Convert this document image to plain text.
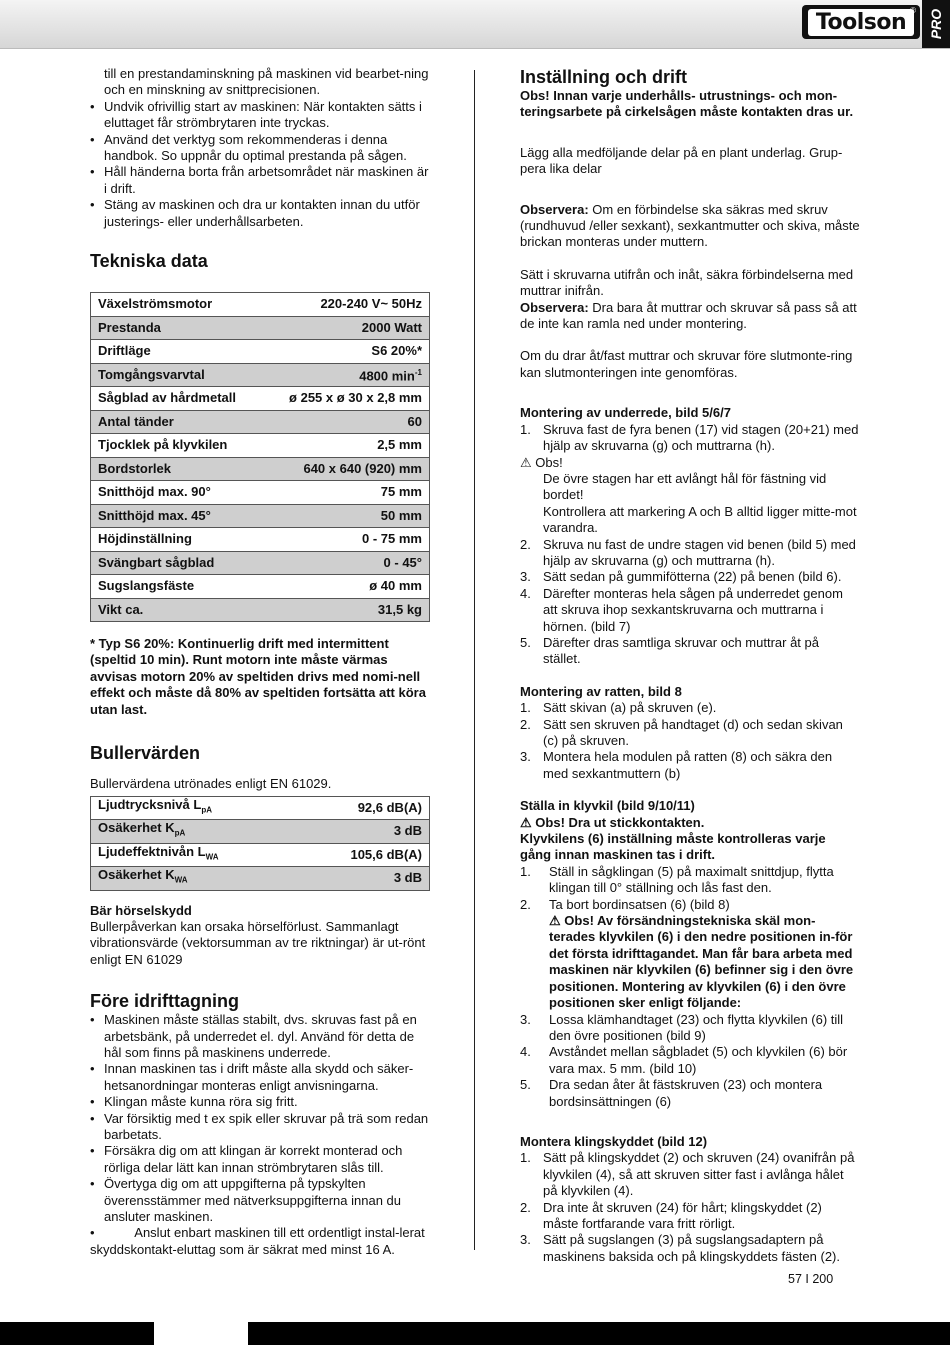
Toolson ® PRO

till en prestandaminskning på maskinen vid bearbet-ning och en minskning av snittprecisionen.

• Undvik ofrivillig start av maskinen: När kontakten sätts i eluttaget får strömbrytaren inte tryckas.
• Använd det verktyg som rekommenderas i denna handbok. So uppnår du optimal prestanda på sågen.
• Håll händerna borta från arbetsområdet när maskinen är i drift.
• Stäng av maskinen och dra ur kontakten innan du utför justerings- eller underhållsarbeten.
Tekniska data
Växelströmsmotor	220-240 V~ 50Hz
Prestanda	2000 Watt
Driftläge	S6 20%*
Tomgångsvarvtal	4800 $\min^{-1}$
Sågblad av hårdmetall	ø 255 x ø 30 x 2,8 mm
Antal tänder	60
Tjocklek på klyvkilen	2,5 mm
Bordstorlek	640 x 640 (920) mm
Snitthöjd max. 90°	75 mm
Snitthöjd max. 45°	50 mm
Höjdinställning	0 - 75 mm
Svängbart sågblad	0 - 45°
Sugslangsfäste	ø 40 mm
Vikt ca.	31,5 kg

* Typ S6 20%: Kontinuerlig drift med intermittent (speltid 10 min). Runt motorn inte måste värmas avvisas motorn 20% av speltiden drivs med nomi-nell effekt och måste då 80% av speltiden fortsätta att köra utan last.

Bullervärden

Bullervärdena utrönades enligt EN 61029.

Ljudtrycksnivå $L_{pA}$	92,6 dB(A)
Osäkerhet $K_{pA}$	3 dB
Ljudeffektnivån $L_{WA}$	105,6 dB(A)
Osäkerhet $K_{WA}$	3 dB
Bär hörselskydd

Bullerpåverkan kan orsaka hörselförlust. Sammanlagt vibrationsvärde (vektorsumman av tre riktningar) är ut-rönt enligt EN 61029

Före idrifttagning
• Maskinen måste ställas stabilt, dvs. skruvas fast på en arbetsbänk, på underredet el. dyl. Använd för detta de hål som finns på maskinens underrede.
• Innan maskinen tas i drift måste alla skydd och säker-hetsanordningar monteras enligt anvisningarna.
• Klingan måste kunna röra sig fritt.
• Var försiktig med t ex spik eller skruvar på trä som redan barbetats.
• Försäkra dig om att klingan är korrekt monterad och rörliga delar lätt kan innan strömbrytaren slås till.
• Övertyga dig om att uppgifterna på typskylten överensstämmer med nätverksuppgifterna innan du ansluter maskinen.

•           Anslut enbart maskinen till ett ordentligt instal-lerat skyddskontakt-eluttag som är säkrat med minst 16 A.

Inställning och drift

Obs! Innan varje underhålls- utrustnings- och mon-teringsarbete på cirkelsågen måste kontakten dras ur.

Lägg alla medföljande delar på en plant underlag. Grup-pera lika delar

Observera: Om en förbindelse ska säkras med skruv (rundhuvud /eller sexkant), sexkantmutter och skiva, måste brickan monteras under muttern.

Sätt i skruvarna utifrån och inåt, säkra förbindelserna med muttrar inifrån.

Observera: Dra bara åt muttrar och skruvar så pass så att de inte kan ramla ned under montering.

Om du drar åt/fast muttrar och skruvar före slutmonte-ring kan slutmonteringen inte genomföras.

Montering av underrede, bild 5/6/7
1. Skruva fast de fyra benen (17) vid stagen (20+21) med hjälp av skruvarna (g) och muttrarna (h).

⚠ Obs!

De övre stagen har ett avlångt hål för fästning vid bordet!

Kontrollera att markering A och B alltid ligger mitte-mot varandra.

2. Skruva nu fast de undre stagen vid benen (bild 5) med hjälp av skruvarna (g) och muttrarna (h).
3. Sätt sedan på gummifötterna (22) på benen (bild 6).
4. Därefter monteras hela sågen på underredet genom att skruva ihop sexkantskruvarna och muttrarna i hörnen. (bild 7)
5. Därefter dras samtliga skruvar och muttrar åt på stället.
Montering av ratten, bild 8
1. Sätt skivan (a) på skruven (e).
2. Sätt sen skruven på handtaget (d) och sedan skivan (c) på skruven.
3. Montera hela modulen på ratten (8) och säkra den med sexkantmuttern (b)
Ställa in klyvkil (bild 9/10/11)

⚠ Obs! Dra ut stickkontakten.

Klyvkilens (6) inställning måste kontrolleras varje gång innan maskinen tas i drift.

1. Ställ in sågklingan (5) på maximalt snittdjup, flytta klingan till 0° ställning och lås fast den.
2. Ta bort bordinsatsen (6) (bild 8)

⚠ Obs! Av försändningstekniska skäl mon-terades klyvkilen (6) i den nedre positionen in-för det första idrifttagandet. Man får bara arbeta med maskinen när klyvkilen (6) befinner sig i den övre positionen. Montering av klyvkilen (6) i den övre positionen sker enligt följande:

3. Lossa klämhandtaget (23) och flytta klyvkilen (6) till den övre positionen (bild 9)
4. Avståndet mellan sågbladet (5) och klyvkilen (6) bör vara max. 5 mm. (bild 10)
5. Dra sedan åter åt fästskruven (23) och montera bordsinsättningen (6)
Montera klingskyddet (bild 12)
1. Sätt på klingskyddet (2) och skruven (24) ovanifrån på klyvkilen (4), så att skruven sitter fast i avlånga hålet på klyvkilen (4).
2. Dra inte åt skruven (24) för hårt; klingskyddet (2) måste fortfarande vara fritt rörligt.
3. Sätt på sugslangen (3) på sugslangsadaptern på maskinens baksida och på klingskyddets fästen (2).
57 I 200
